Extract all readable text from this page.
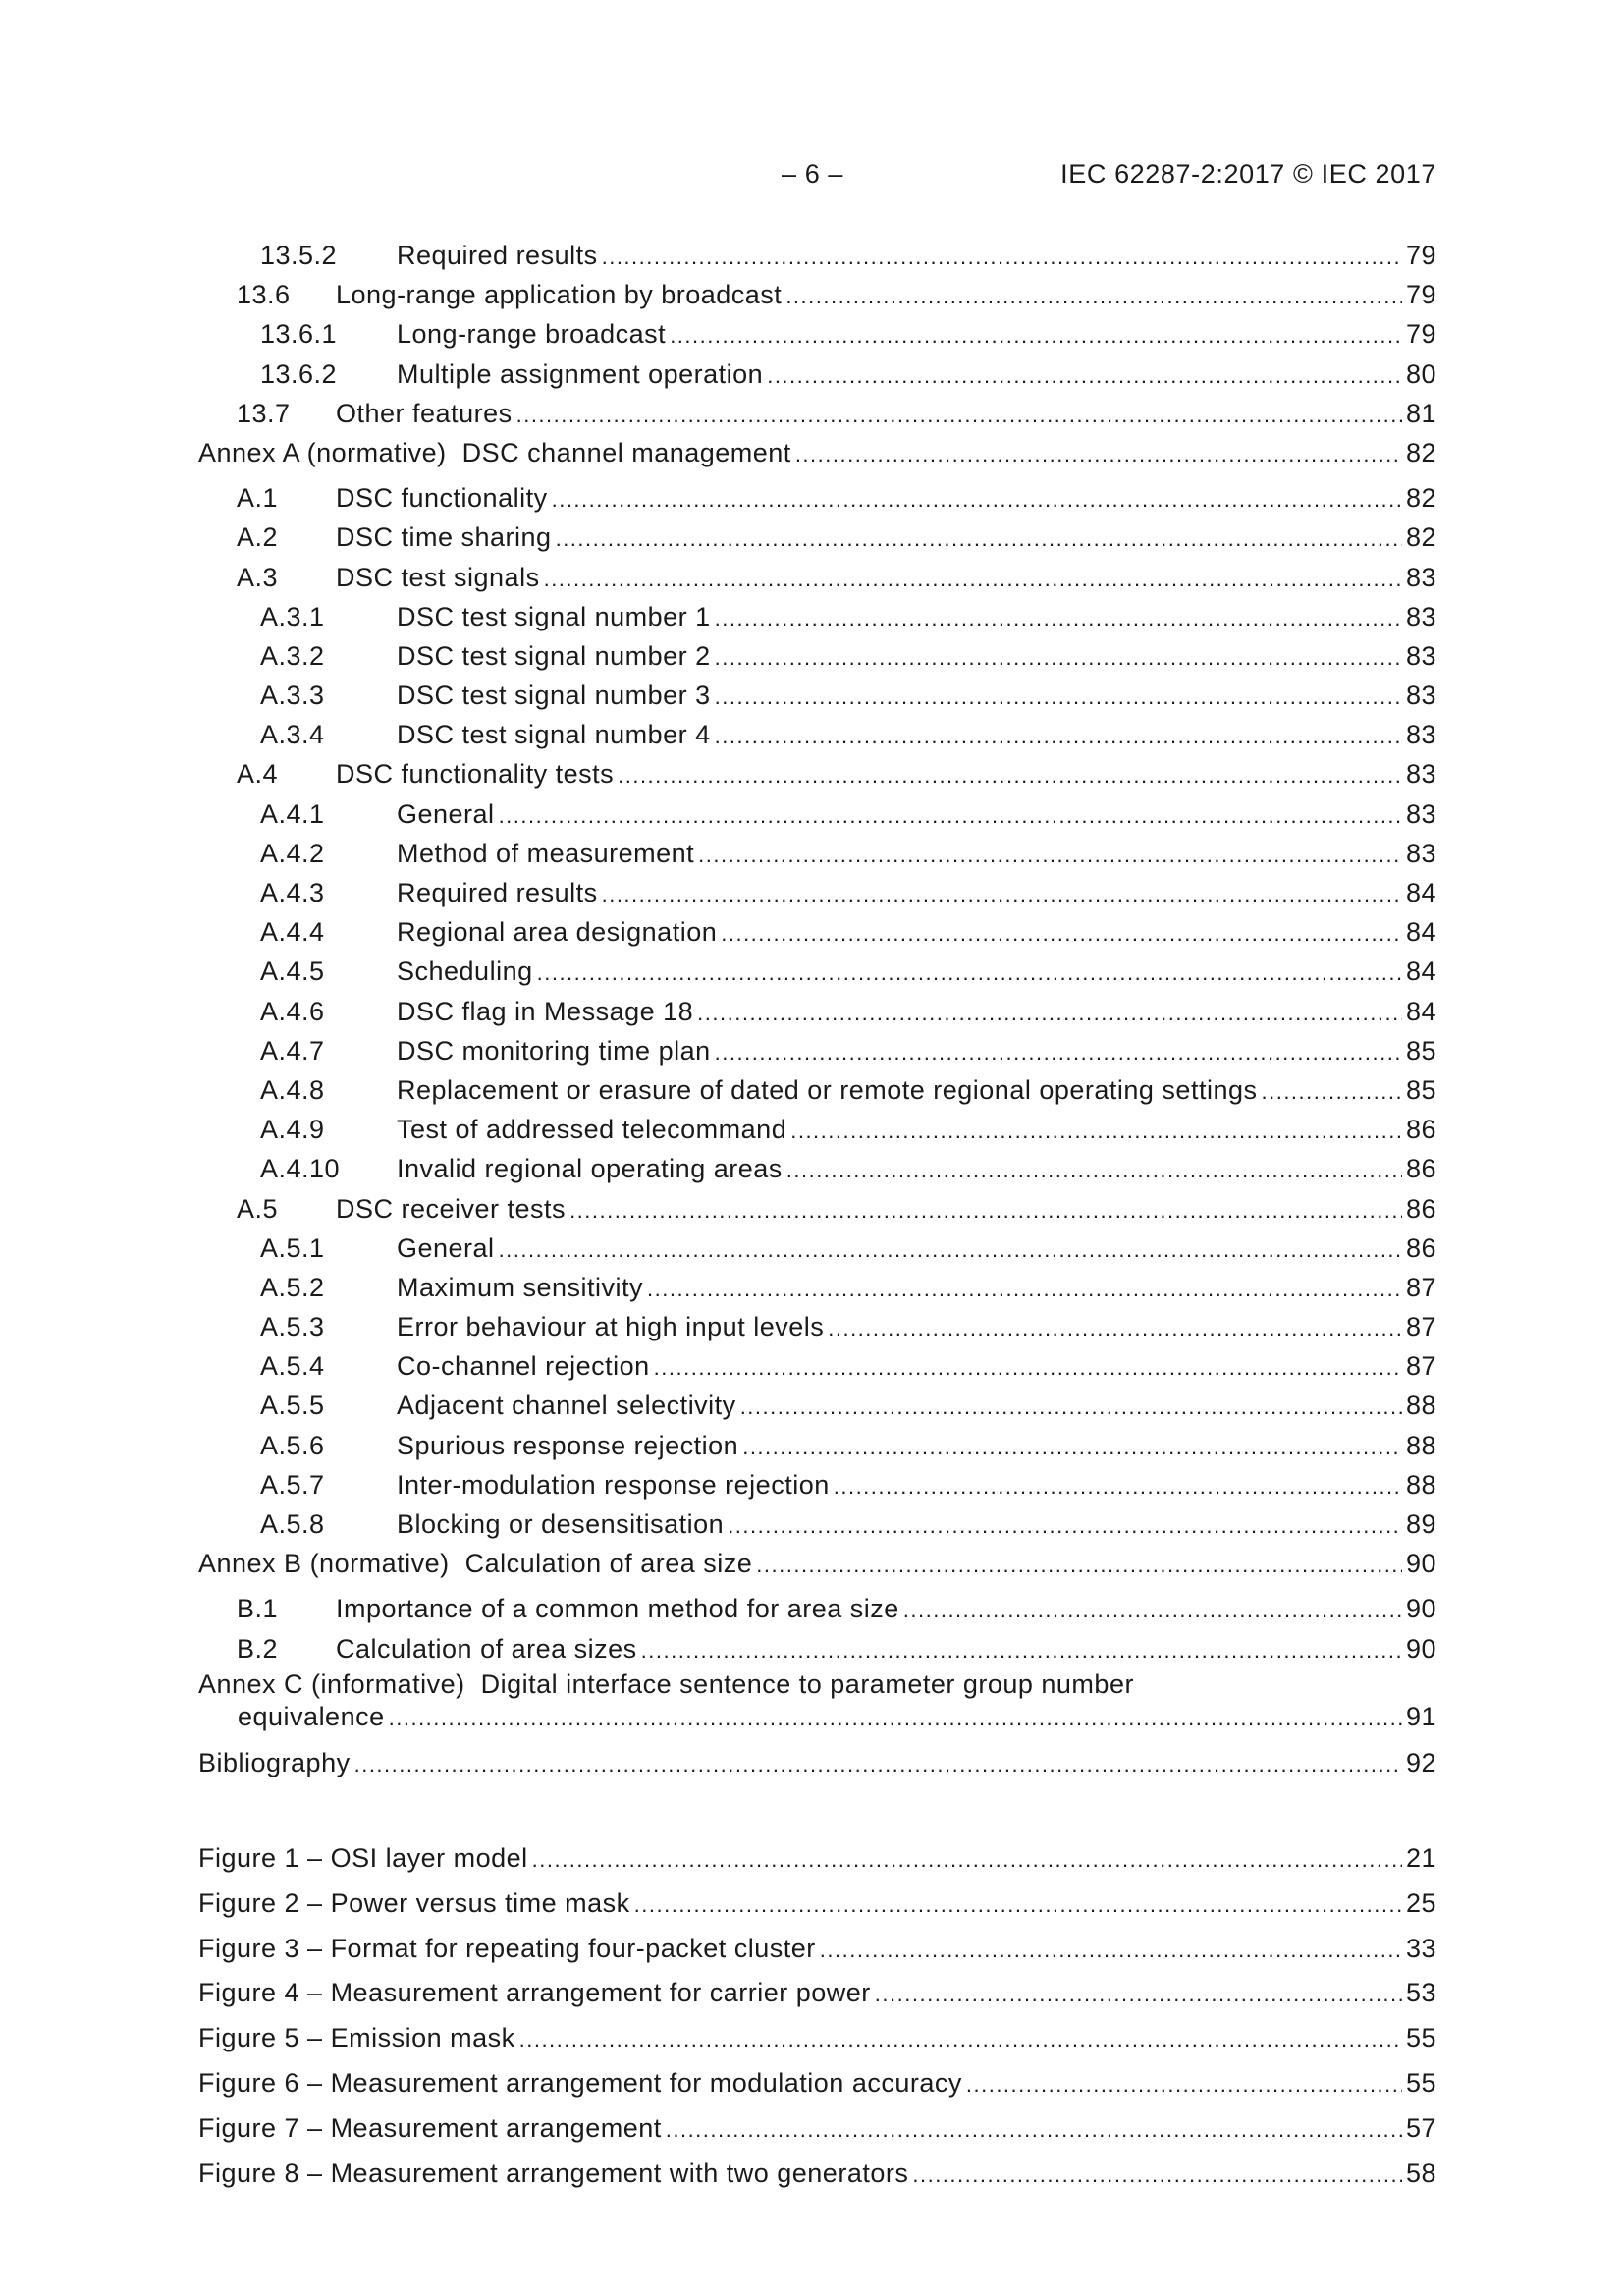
– 6 –	IEC 62287-2:2017 © IEC 2017
13.5.2	Required results .....	79
13.6	Long-range application by broadcast .....	79
13.6.1	Long-range broadcast .....	79
13.6.2	Multiple assignment operation .....	80
13.7	Other features .....	81
Annex A (normative) DSC channel management .....	82
A.1	DSC functionality .....	82
A.2	DSC time sharing .....	82
A.3	DSC test signals .....	83
A.3.1	DSC test signal number 1 .....	83
A.3.2	DSC test signal number 2 .....	83
A.3.3	DSC test signal number 3 .....	83
A.3.4	DSC test signal number 4 .....	83
A.4	DSC functionality tests .....	83
A.4.1	General .....	83
A.4.2	Method of measurement .....	83
A.4.3	Required results .....	84
A.4.4	Regional area designation .....	84
A.4.5	Scheduling .....	84
A.4.6	DSC flag in Message 18 .....	84
A.4.7	DSC monitoring time plan .....	85
A.4.8	Replacement or erasure of dated or remote regional operating settings .....	85
A.4.9	Test of addressed telecommand .....	86
A.4.10	Invalid regional operating areas .....	86
A.5	DSC receiver tests .....	86
A.5.1	General .....	86
A.5.2	Maximum sensitivity .....	87
A.5.3	Error behaviour at high input levels .....	87
A.5.4	Co-channel rejection .....	87
A.5.5	Adjacent channel selectivity .....	88
A.5.6	Spurious response rejection .....	88
A.5.7	Inter-modulation response rejection .....	88
A.5.8	Blocking or desensitisation .....	89
Annex B (normative) Calculation of area size .....	90
B.1	Importance of a common method for area size .....	90
B.2	Calculation of area sizes .....	90
Annex C (informative) Digital interface sentence to parameter group number
equivalence .....	91
Bibliography .....	92
Figure 1 – OSI layer model .....	21
Figure 2 – Power versus time mask .....	25
Figure 3 – Format for repeating four-packet cluster .....	33
Figure 4 – Measurement arrangement for carrier power .....	53
Figure 5 – Emission mask .....	55
Figure 6 – Measurement arrangement for modulation accuracy .....	55
Figure 7 – Measurement arrangement .....	57
Figure 8 – Measurement arrangement with two generators .....	58
